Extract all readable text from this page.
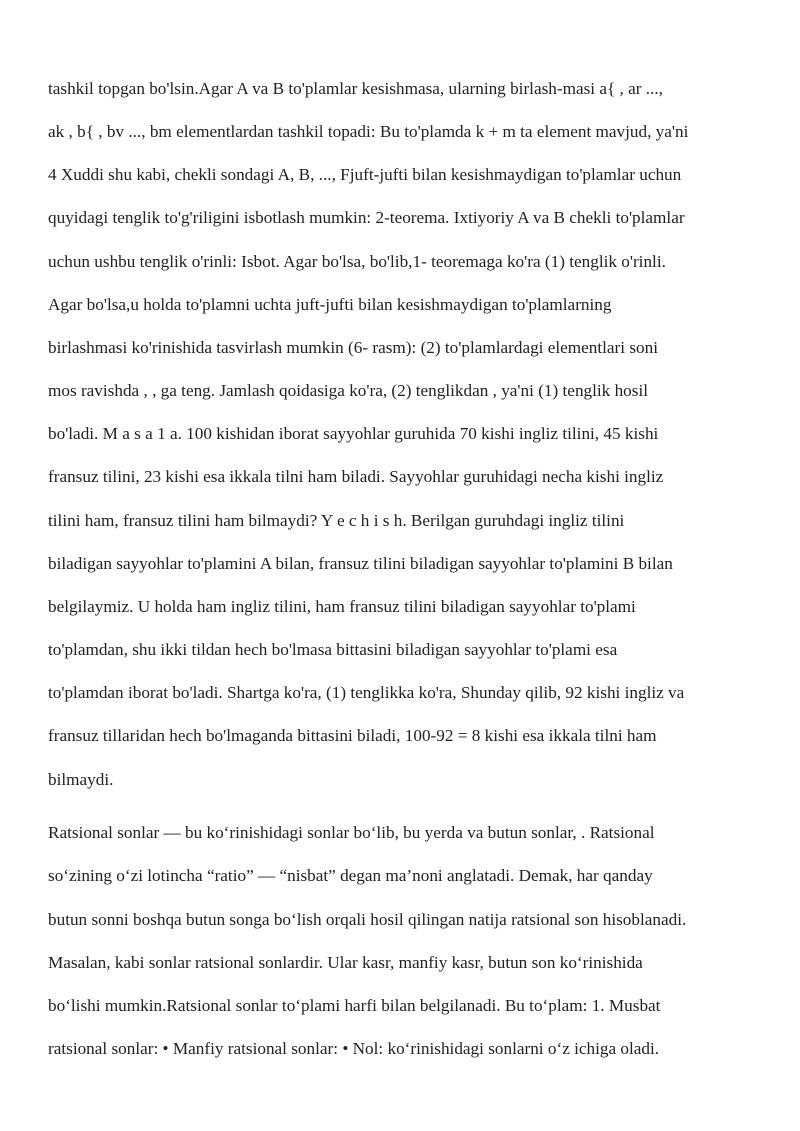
tashkil topgan bo'lsin.Agar A va B to'plamlar kesishmasa, ularning birlash-masi a{ , ar ...,

ak , b{ , bv ..., bm elementlardan tashkil topadi: Bu to'plamda k + m ta element mavjud, ya'ni

4 Xuddi shu kabi, chekli sondagi A, B, ..., Fjuft-jufti bilan kesishmaydigan to'plamlar uchun

quyidagi tenglik to'g'riligini isbotlash mumkin: 2-teorema. Ixtiyoriy A va B chekli to'plamlar

uchun ushbu tenglik o'rinli: Isbot. Agar bo'lsa, bo'lib,1- teoremaga ko'ra (1) tenglik o'rinli.

Agar bo'lsa,u holda to'plamni uchta juft-jufti bilan kesishmaydigan to'plamlarning

birlashmasi ko'rinishida tasvirlash mumkin (6- rasm): (2) to'plamlardagi elementlari soni

mos ravishda , , ga teng. Jamlash qoidasiga ko'ra, (2) tenglikdan , ya'ni (1) tenglik hosil

bo'ladi. M a s a 1 a. 100 kishidan iborat sayyohlar guruhida 70 kishi ingliz tilini, 45 kishi

fransuz tilini, 23 kishi esa ikkala tilni ham biladi. Sayyohlar guruhidagi necha kishi ingliz

tilini ham, fransuz tilini ham bilmaydi? Y e c h i s h. Berilgan guruhdagi ingliz tilini

biladigan sayyohlar to'plamini A bilan, fransuz tilini biladigan sayyohlar to'plamini B bilan

belgilaymiz. U holda ham ingliz tilini, ham fransuz tilini biladigan sayyohlar to'plami

to'plamdan, shu ikki tildan hech bo'lmasa bittasini biladigan sayyohlar to'plami esa

to'plamdan iborat bo'ladi. Shartga ko'ra, (1) tenglikka ko'ra, Shunday qilib, 92 kishi ingliz va

fransuz tillaridan hech bo'lmaganda bittasini biladi, 100-92 = 8 kishi esa ikkala tilni ham

bilmaydi.

Ratsional sonlar — bu ko‘rinishidagi sonlar bo‘lib, bu yerda va butun sonlar, . Ratsional

so‘zining o‘zi lotincha “ratio” — “nisbat” degan ma’noni anglatadi. Demak, har qanday

butun sonni boshqa butun songa bo‘lish orqali hosil qilingan natija ratsional son hisoblanadi.

Masalan, kabi sonlar ratsional sonlardir. Ular kasr, manfiy kasr, butun son ko‘rinishida

bo‘lishi mumkin.Ratsional sonlar to‘plami harfi bilan belgilanadi. Bu to‘plam: 1. Musbat

ratsional sonlar: • Manfiy ratsional sonlar: • Nol: ko‘rinishidagi sonlarni o‘z ichiga oladi.
